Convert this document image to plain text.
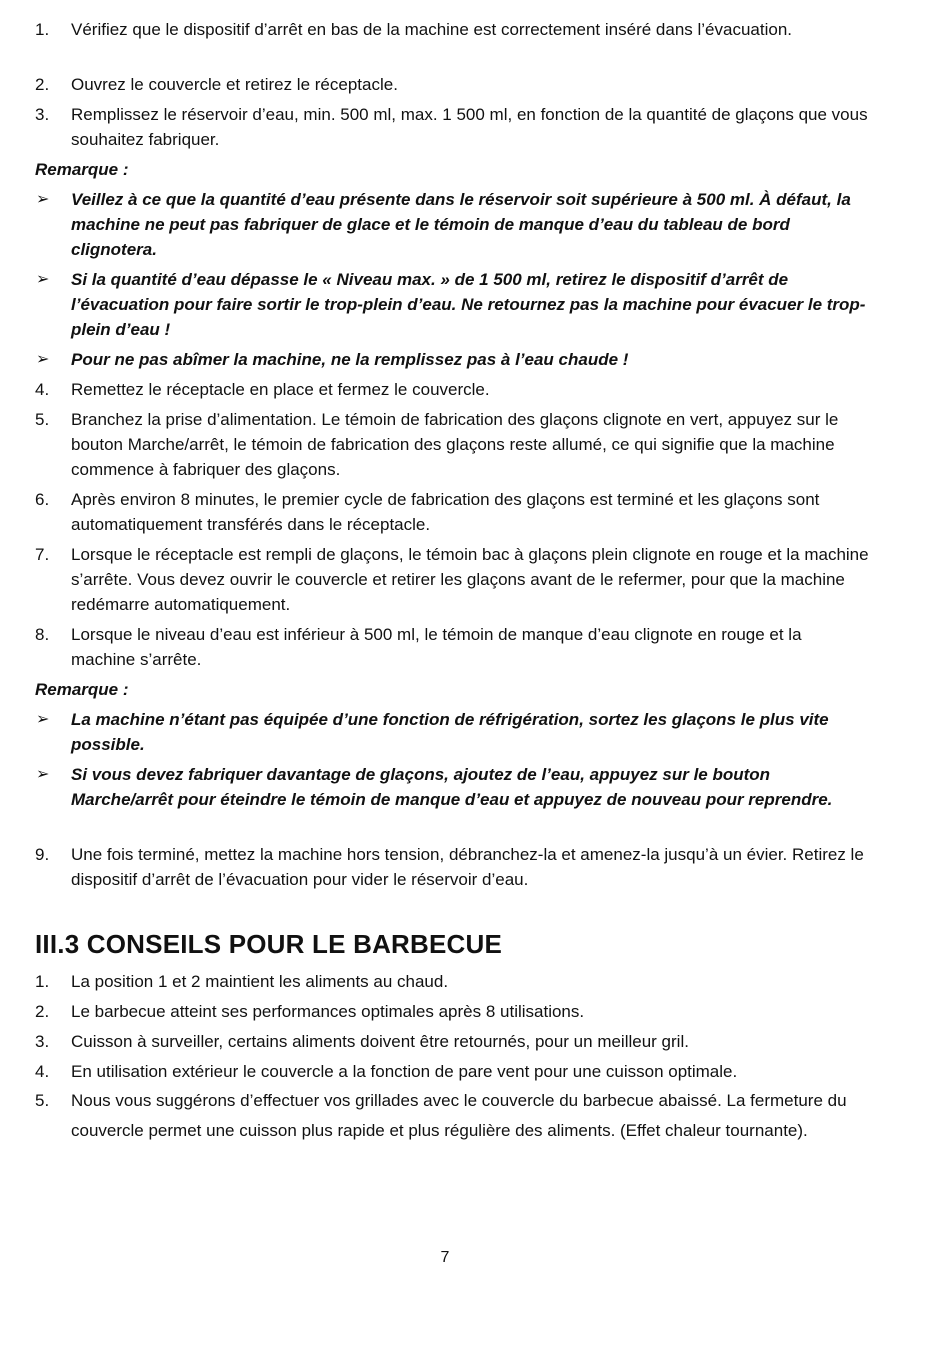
1. Vérifiez que le dispositif d’arrêt en bas de la machine est correctement inséré dans l’évacuation.
2. Ouvrez le couvercle et retirez le réceptacle.
3. Remplissez le réservoir d’eau, min. 500 ml, max. 1 500 ml, en fonction de la quantité de glaçons que vous souhaitez fabriquer.
Remarque :
➢ Veillez à ce que la quantité d’eau présente dans le réservoir soit supérieure à 500 ml. À défaut, la machine ne peut pas fabriquer de glace et le témoin de manque d’eau du tableau de bord clignotera.
➢ Si la quantité d’eau dépasse le « Niveau max. » de 1 500 ml, retirez le dispositif d’arrêt de l’évacuation pour faire sortir le trop-plein d’eau. Ne retournez pas la machine pour évacuer le trop-plein d’eau !
➢ Pour ne pas abîmer la machine, ne la remplissez pas à l’eau chaude !
4. Remettez le réceptacle en place et fermez le couvercle.
5. Branchez la prise d’alimentation. Le témoin de fabrication des glaçons clignote en vert, appuyez sur le bouton Marche/arrêt, le témoin de fabrication des glaçons reste allumé, ce qui signifie que la machine commence à fabriquer des glaçons.
6. Après environ 8 minutes, le premier cycle de fabrication des glaçons est terminé et les glaçons sont automatiquement transférés dans le réceptacle.
7. Lorsque le réceptacle est rempli de glaçons, le témoin bac à glaçons plein clignote en rouge et la machine s’arrête. Vous devez ouvrir le couvercle et retirer les glaçons avant de le refermer, pour que la machine redémarre automatiquement.
8. Lorsque le niveau d’eau est inférieur à 500 ml, le témoin de manque d’eau clignote en rouge et la machine s’arrête.
Remarque :
➢ La machine n’étant pas équipée d’une fonction de réfrigération, sortez les glaçons le plus vite possible.
➢ Si vous devez fabriquer davantage de glaçons, ajoutez de l’eau, appuyez sur le bouton Marche/arrêt pour éteindre le témoin de manque d’eau et appuyez de nouveau pour reprendre.
9. Une fois terminé, mettez la machine hors tension, débranchez-la et amenez-la jusqu’à un évier. Retirez le dispositif d’arrêt de l’évacuation pour vider le réservoir d’eau.
III.3 CONSEILS POUR LE BARBECUE
1. La position 1 et 2 maintient les aliments au chaud.
2. Le barbecue atteint ses performances optimales après 8 utilisations.
3. Cuisson à surveiller, certains aliments doivent être retournés, pour un meilleur gril.
4. En utilisation extérieur le couvercle a la fonction de pare vent pour une cuisson optimale.
5. Nous vous suggérons d’effectuer vos grillades avec le couvercle du barbecue abaissé. La fermeture du couvercle permet une cuisson plus rapide et plus régulière des aliments. (Effet chaleur tournante).
7
